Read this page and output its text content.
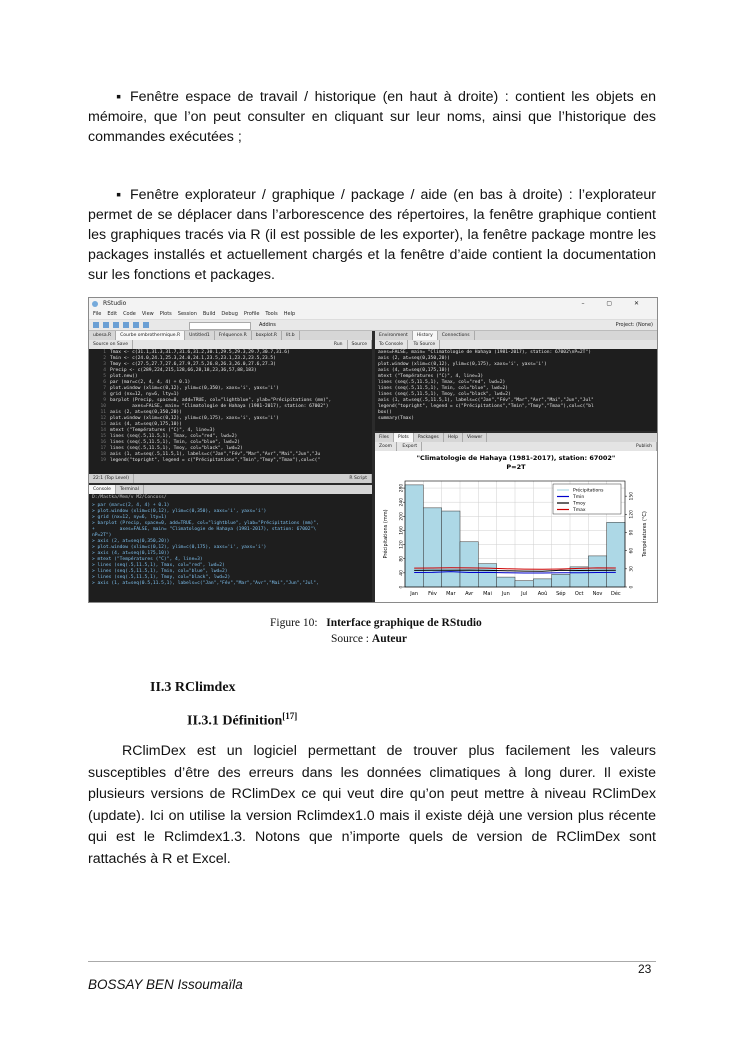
▪ Fenêtre espace de travail / historique (en haut à droite) : contient les objets en mémoire, que l’on peut consulter en cliquant sur leur noms, ainsi que l’historique des commandes exécutées ;
▪ Fenêtre explorateur / graphique / package / aide (en bas à droite) : l’explorateur permet de se déplacer dans l’arborescence des répertoires, la fenêtre graphique contient les graphiques tracés via R (il est possible de les exporter), la fenêtre package montre les packages installés et actuellement chargés et la fenêtre d’aide contient la documentation sur les fonctions et packages.
RStudio	– ▢ ✕
File Edit Code View Plots Session Build Debug Profile Tools Help
Addins	Project: (None)
ubesa.R Courbe ombrothermique.R Untitled1 Fréquence.R boxplot.R lit.b
Source on Save	Source
Run
1 Tmax <- c(31.1,31.3,31.7,31.6,31.2,30.1,29.5,29.3,29.7,30.7,31.6)
2 Tmin <- c(24.0,24.1,25.3,24.0,24.1,23.5,23.1,23.2,23.5,23.5)
3 Tmoy <- c(27.5,27.7,27.6,27.9,27.5,26.8,26.3,26.0,27.6,27.3)
4 Precip <- c(289,224,215,128,66,28,18,23,36,57,88,183)
5 plot.new()
6 par (mar=c(2, 4, 4, 4) + 0.1)
7 plot.window (xlim=c(0,12), ylim=c(0,350), xaxs='i', yaxs='i')
8 grid (nx=12, ny=6, lty=1)
9 barplot (Precip, space=0, add=TRUE, col="lightblue", ylab="Précipitations (mm)",
10        axes=FALSE, main= "Climatologie de Hahaya (1981-2017), station: 67002")
11 axis (2, at=seq(0,350,20))
12 plot.window (xlim=c(0,12), ylim=c(0,175), xaxs='i', yaxs='i')
13 axis (4, at=seq(0,175,10))
14 mtext ("Températures (°C)", 4, line=3)
15 lines (seq(.5,11.5,1), Tmax, col="red", lwd=2)
16 lines (seq(.5,11.5,1), Tmin, col="blue", lwd=2)
17 lines (seq(.5,11.5,1), Tmoy, col="black", lwd=2)
18 axis (1, at=seq(.5,11.5,1), labels=c("Jan","Fév","Mar","Avr","Mai","Jun","Ju
19 legend("topright", legend = c("Précipitations","Tmin","Tmoy","Tmax"),col=c("
22:1 (Top Level)	R Script
Console Terminal
D:/Mastka/Mem/v M2/Concoss/
> par (mar=c(2, 4, 4) + 0.1)
> plot.window (xlim=c(0,12), ylim=c(0,350), xaxs='i', yaxs='i')
> grid (nx=12, ny=6, lty=1)
> barplot (Precip, space=0, add=TRUE, col="lightblue", ylab="Précipitations (mm)",
+         axes=FALSE, main= "Climatologie de Hahaya (1981-2017), station: 67002"\
nP=2T")
> axis (2, at=seq(0,350,20))
> plot.window (xlim=c(0,12), ylim=c(0,175), xaxs='i', yaxs='i')
> axis (4, at=seq(0,175,10))
> mtext ("Températures (°C)", 4, line=3)
> lines (seq(.5,11.5,1), Tmax, col="red", lwd=2)
> lines (seq(.5,11.5,1), Tmin, col="blue", lwd=2)
> lines (seq(.5,11.5,1), Tmoy, col="black", lwd=2)
> axis (1, at=seq(0.5,11.5,1), labels=c("Jan","Fév","Mar","Avr","Mai","Jun","Jul",
Environment History Connections
To Console To Source
axes=FALSE, main= "Climatologie de Hahaya (1981-2017), station: 67002\nP=2T")
axis (2, at=seq(0,350,20))
plot.window (xlim=c(0,12), ylim=c(0,175), xaxs='i', yaxs='i')
axis (4, at=seq(0,175,10))
mtext ("Températures (°C)", 4, line=3)
lines (seq(.5,11.5,1), Tmax, col="red", lwd=2)
lines (seq(.5,11.5,1), Tmin, col="blue", lwd=2)
lines (seq(.5,11.5,1), Tmoy, col="black", lwd=2)
axis (1, at=seq(.5,11.5,1), labels=c("Jan","Fév","Mar","Avr","Mai","Jun","Jul"
legend("topright", legend = c("Précipitations","Tmin","Tmoy","Tmax"),col=c("bl
box()
summary(Tmax)
Files Plots Packages Help Viewer
Zoom Export	Publish
"Climatologie de Hahaya (1981-2017), station: 67002"
P=2T
0
40
80
120
160
200
240
280
0
30
60
90
120
150
Jan Fév Mar Avr Mai Jun Jul Aoû Sép Oct Nov Déc
Précipitations (mm)	Températures (°C)
Précipitations
Tmin
Tmoy
Tmax
Figure 10: Interface graphique de RStudio
Source : Auteur
II.3 RClimdex
II.3.1 Définition[17]
RClimDex est un logiciel permettant de trouver plus facilement les valeurs susceptibles d’être des erreurs dans les données climatiques à long durer. Il existe plusieurs versions de RClimDex ce qui veut dire qu’on peut mettre à niveau RClimDex (update). Ici on utilise la version Rclimdex1.0 mais il existe déjà une version plus récente qui est le Rclimdex1.3. Notons que n’importe quels de version de RClimDex sont rattachés à R et Excel.
23
BOSSAY BEN Issoumaïla
